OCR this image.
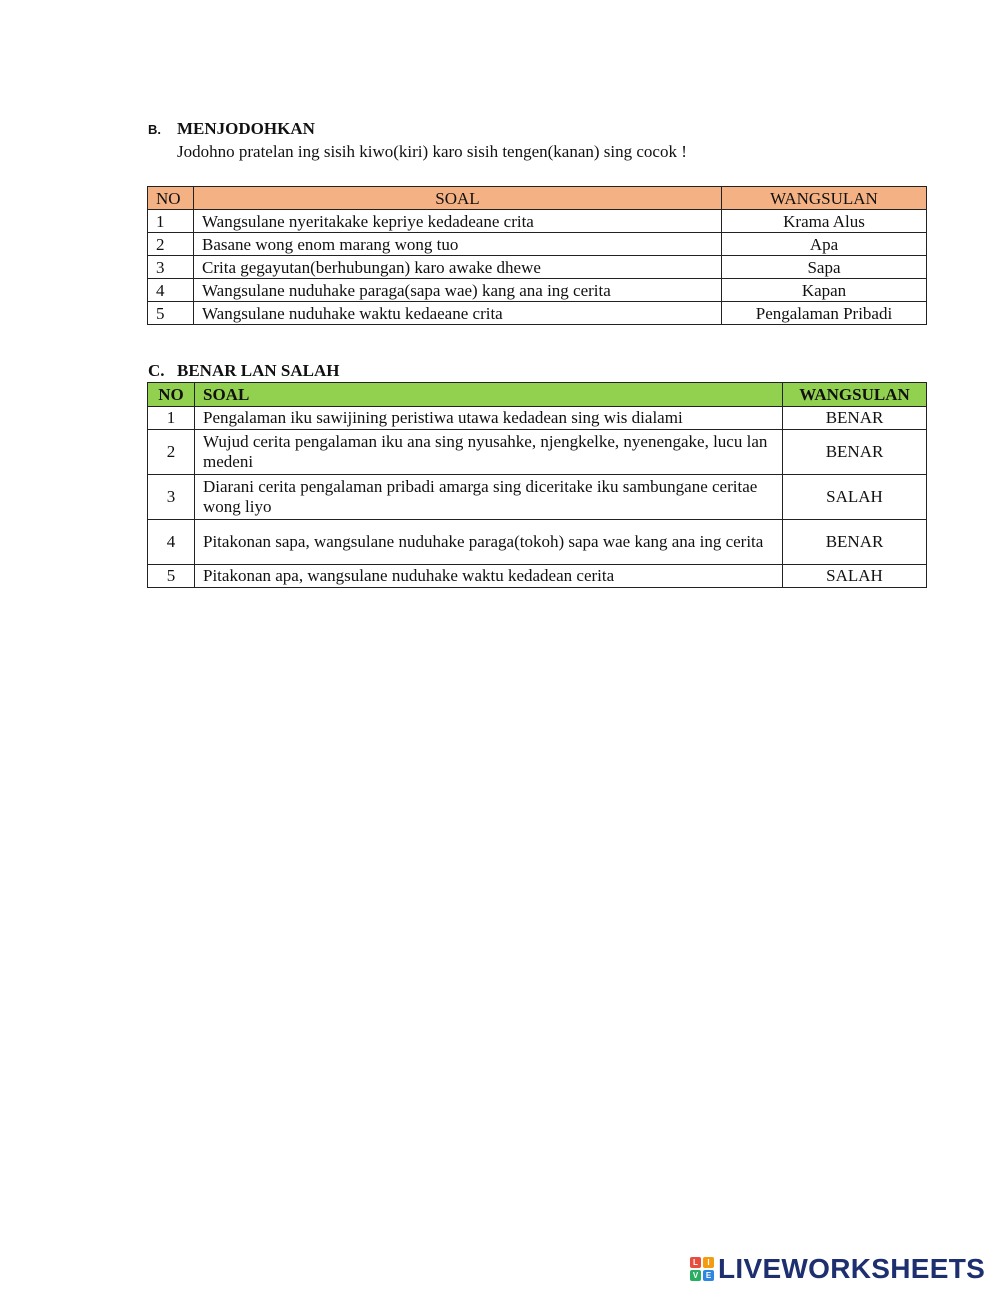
B. MENJODOHKAN
Jodohno pratelan ing sisih kiwo(kiri) karo sisih tengen(kanan) sing cocok !
NO	SOAL	WANGSULAN
1	Wangsulane nyeritakake kepriye kedadeane crita	Krama Alus
2	Basane wong enom marang wong tuo	Apa
3	Crita gegayutan(berhubungan) karo awake dhewe	Sapa
4	Wangsulane nuduhake paraga(sapa wae) kang ana ing cerita	Kapan
5	Wangsulane nuduhake waktu kedaeane crita	Pengalaman Pribadi
C. BENAR LAN SALAH
NO	SOAL	WANGSULAN
1	Pengalaman iku sawijining peristiwa utawa kedadean sing wis dialami	BENAR
2	Wujud cerita pengalaman iku ana sing nyusahke, njengkelke, nyenengake, lucu lan medeni	BENAR
3	Diarani cerita pengalaman pribadi amarga sing diceritake iku sambungane ceritae wong liyo	SALAH
4	Pitakonan sapa, wangsulane nuduhake paraga(tokoh) sapa wae kang ana ing cerita	BENAR
5	Pitakonan apa, wangsulane nuduhake waktu kedadean cerita	SALAH
L	I
V E LIVEWORKSHEETS
